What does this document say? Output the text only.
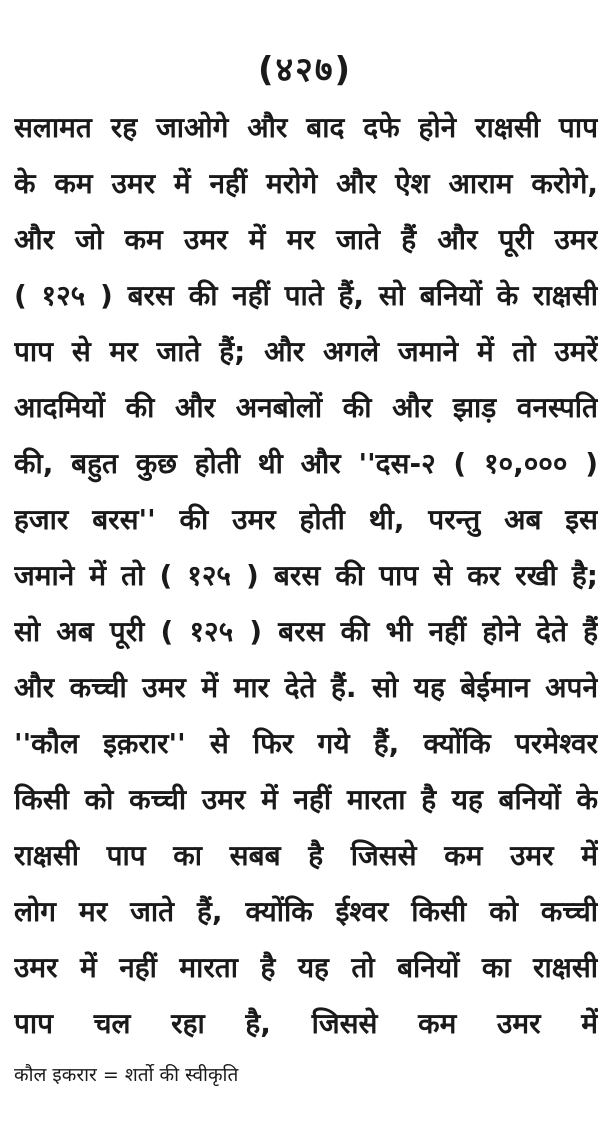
(४२७)
सलामत रह जाओगे और बाद दफे होने राक्षसी पाप
के कम उमर में नहीं मरोगे और ऐश आराम करोगे,
और जो कम उमर में मर जाते हैं और पूरी उमर
( १२५ ) बरस की नहीं पाते हैं, सो बनियों के राक्षसी
पाप से मर जाते हैं; और अगले जमाने में तो उमरें
आदमियों की और अनबोलों की और झाड़ वनस्पति
की, बहुत कुछ होती थी और ''दस-२ ( १०,००० )
हजार बरस'' की उमर होती थी, परन्तु अब इस
जमाने में तो ( १२५ ) बरस की पाप से कर रखी है;
सो अब पूरी ( १२५ ) बरस की भी नहीं होने देते हैं
और कच्ची उमर में मार देते हैं. सो यह बेईमान अपने
''कौल इक़रार'' से फिर गये हैं, क्योंकि परमेश्वर
किसी को कच्ची उमर में नहीं मारता है यह बनियों के
राक्षसी पाप का सबब है जिससे कम उमर में
लोग मर जाते हैं, क्योंकि ईश्वर किसी को कच्ची
उमर में नहीं मारता है यह तो बनियों का राक्षसी
पाप चल रहा है, जिससे कम उमर में
कौल इकरार = शर्तो की स्वीकृति
